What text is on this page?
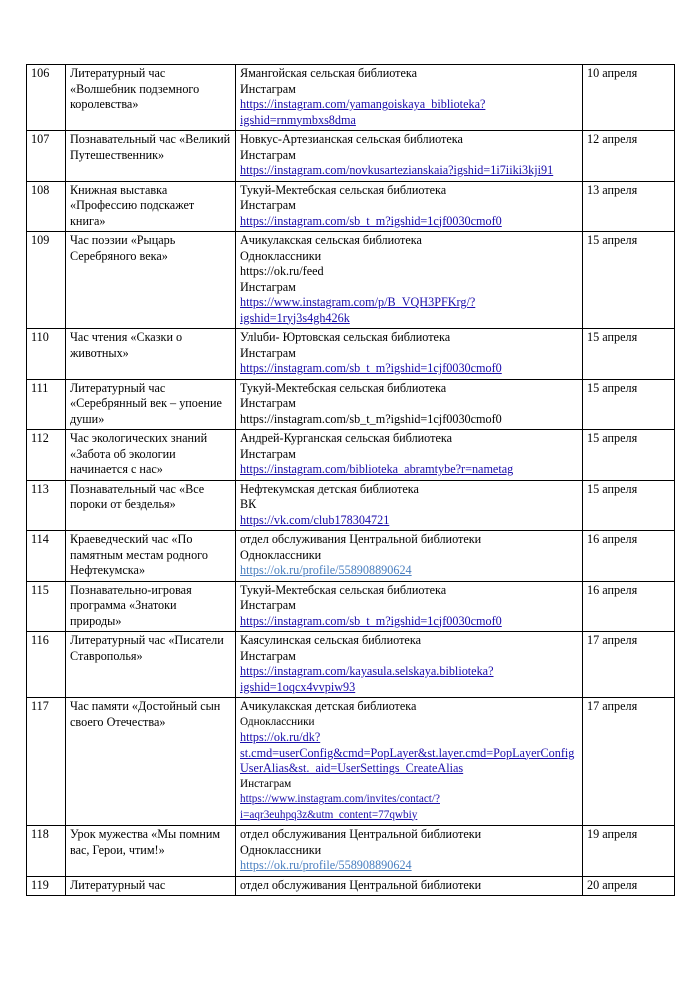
106	Литературный час «Волшебник подземного королевства»	Ямангойская сельская библиотека
Инстаграм
https://instagram.com/yamangoiskaya_biblioteka?igshid=rnmymbxs8dma	10 апреля
107	Познавательный час «Великий Путешественник»	Новкус-Артезианская сельская библиотека
Инстаграм
https://instagram.com/novkusartezianskaia?igshid=1i7iiki3kji91	12 апреля
108	Книжная выставка «Профессию подскажет книга»	Тукуй-Мектебская сельская библиотека
Инстаграм
https://instagram.com/sb_t_m?igshid=1cjf0030cmof0	13 апреля
109	Час поэзии «Рыцарь Серебряного века»	Ачикулакская сельская библиотека
Одноклассники
https://ok.ru/feed
Инстаграм
https://www.instagram.com/p/B_VQH3PFKrg/?igshid=1ryj3s4gh426k	15 апреля
110	Час чтения «Сказки о животных»	Улluби- Юртовская сельская библиотека
Инстаграм
https://instagram.com/sb_t_m?igshid=1cjf0030cmof0	15 апреля
111	Литературный час «Серебрянный век – упоение души»	Тукуй-Мектебская сельская библиотека
Инстаграм
https://instagram.com/sb_t_m?igshid=1cjf0030cmof0	15 апреля
112	Час экологических знаний «Забота об экологии начинается с нас»	Андрей-Курганская сельская библиотека
Инстаграм
https://instagram.com/biblioteka_abramtybe?r=nametag	15 апреля
113	Познавательный час «Все пороки от безделья»	Нефтекумская детская библиотека
ВК
https://vk.com/club178304721	15 апреля
114	Краеведческий час «По памятным местам родного Нефтекумска»	отдел обслуживания Центральной библиотеки
Одноклассники
https://ok.ru/profile/558908890624	16 апреля
115	Познавательно-игровая программа «Знатоки природы»	Тукуй-Мектебская сельская библиотека
Инстаграм
https://instagram.com/sb_t_m?igshid=1cjf0030cmof0	16 апреля
116	Литературный час «Писатели Ставрополья»	Каясулинская сельская библиотека
Инстаграм
https://instagram.com/kayasula.selskaya.biblioteka?igshid=1oqcx4vvpiw93	17 апреля
117	Час памяти «Достойный сын своего Отечества»	Ачикулакская детская библиотека
Одноклассники
https://ok.ru/dk?st.cmd=userConfig&cmd=PopLayer&st.layer.cmd=PopLayerConfigUserAlias&st._aid=UserSettings_CreateAlias
Инстаграм
https://www.instagram.com/invites/contact/?i=aqr3euhpq3z&utm_content=77qwbiy	17 апреля
118	Урок мужества «Мы помним вас, Герои, чтим!»	отдел обслуживания Центральной библиотеки
Одноклассники
https://ok.ru/profile/558908890624	19 апреля
119	Литературный час	отдел обслуживания Центральной библиотеки	20 апреля
